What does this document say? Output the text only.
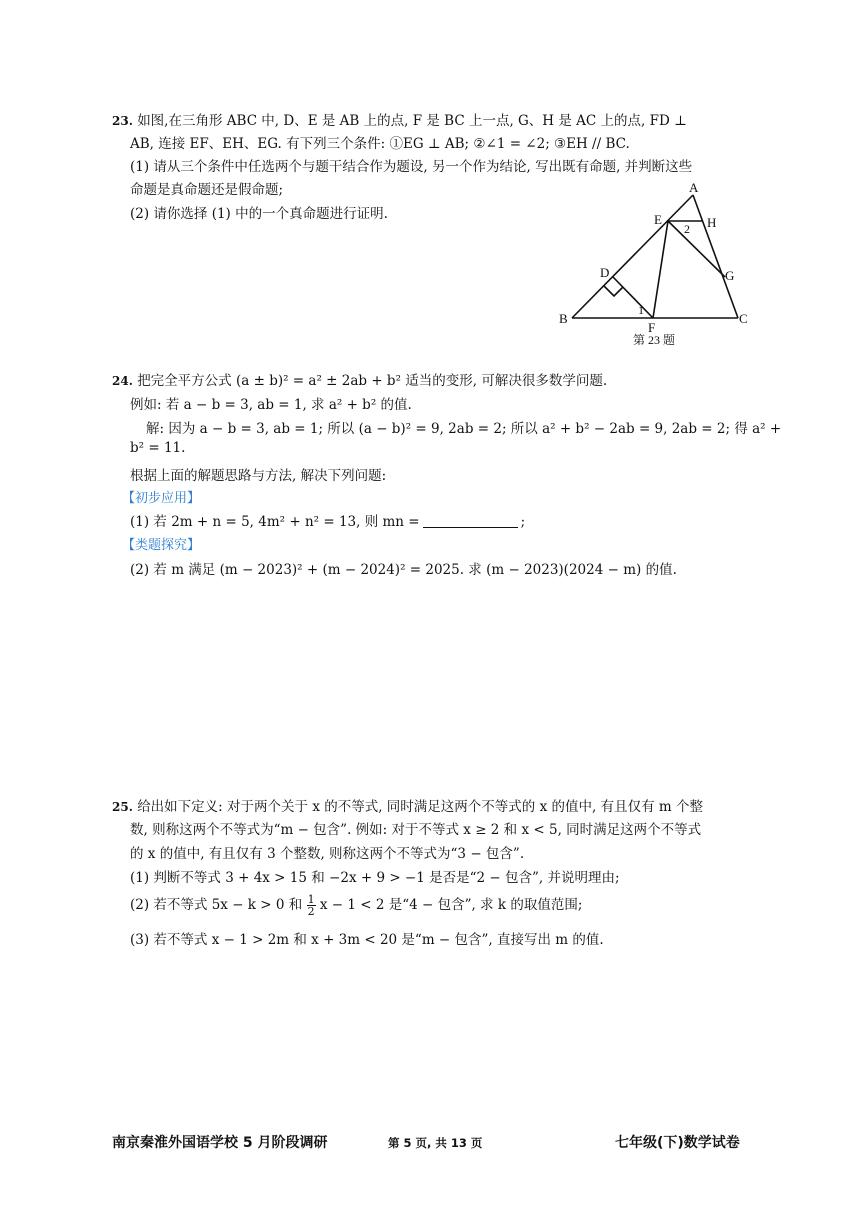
23. 如图,在三角形 ABC 中, D、E 是 AB 上的点, F 是 BC 上一点, G、H 是 AC 上的点, FD ⊥
AB, 连接 EF、EH、EG. 有下列三个条件: ①EG ⊥ AB; ②∠1 = ∠2; ③EH // BC.
(1) 请从三个条件中任选两个与题干结合作为题设, 另一个作为结论, 写出既有命题, 并判断这些
命题是真命题还是假命题;
(2) 请你选择 (1) 中的一个真命题进行证明.
A
E	H
2
D	G
B
1
F
C
第 23 题
24. 把完全平方公式 (a ± b)² = a² ± 2ab + b² 适当的变形, 可解决很多数学问题.
例如: 若 a − b = 3, ab = 1, 求 a² + b² 的值.
解: 因为 a − b = 3, ab = 1; 所以 (a − b)² = 9, 2ab = 2; 所以 a² + b² − 2ab = 9, 2ab = 2; 得 a² +
b² = 11.
根据上面的解题思路与方法, 解决下列问题:
【初步应用】
(1) 若 2m + n = 5, 4m² + n² = 13, 则 mn =	;
【类题探究】
(2) 若 m 满足 (m − 2023)² + (m − 2024)² = 2025. 求 (m − 2023)(2024 − m) 的值.
25. 给出如下定义: 对于两个关于 x 的不等式, 同时满足这两个不等式的 x 的值中, 有且仅有 m 个整
数, 则称这两个不等式为“m − 包含”. 例如: 对于不等式 x ≥ 2 和 x < 5, 同时满足这两个不等式
的 x 的值中, 有且仅有 3 个整数, 则称这两个不等式为“3 − 包含”.
(1) 判断不等式 3 + 4x > 15 和 −2x + 9 > −1 是否是“2 − 包含”, 并说明理由;
(2) 若不等式 5x − k > 0 和 $\frac{1}{2}$ x − 1 < 2 是“4 − 包含”, 求 k 的取值范围;
(3) 若不等式 x − 1 > 2m 和 x + 3m < 20 是“m − 包含”, 直接写出 m 的值.
南京秦淮外国语学校 5 月阶段调研	第 5 页, 共 13 页	七年级(下)数学试卷
